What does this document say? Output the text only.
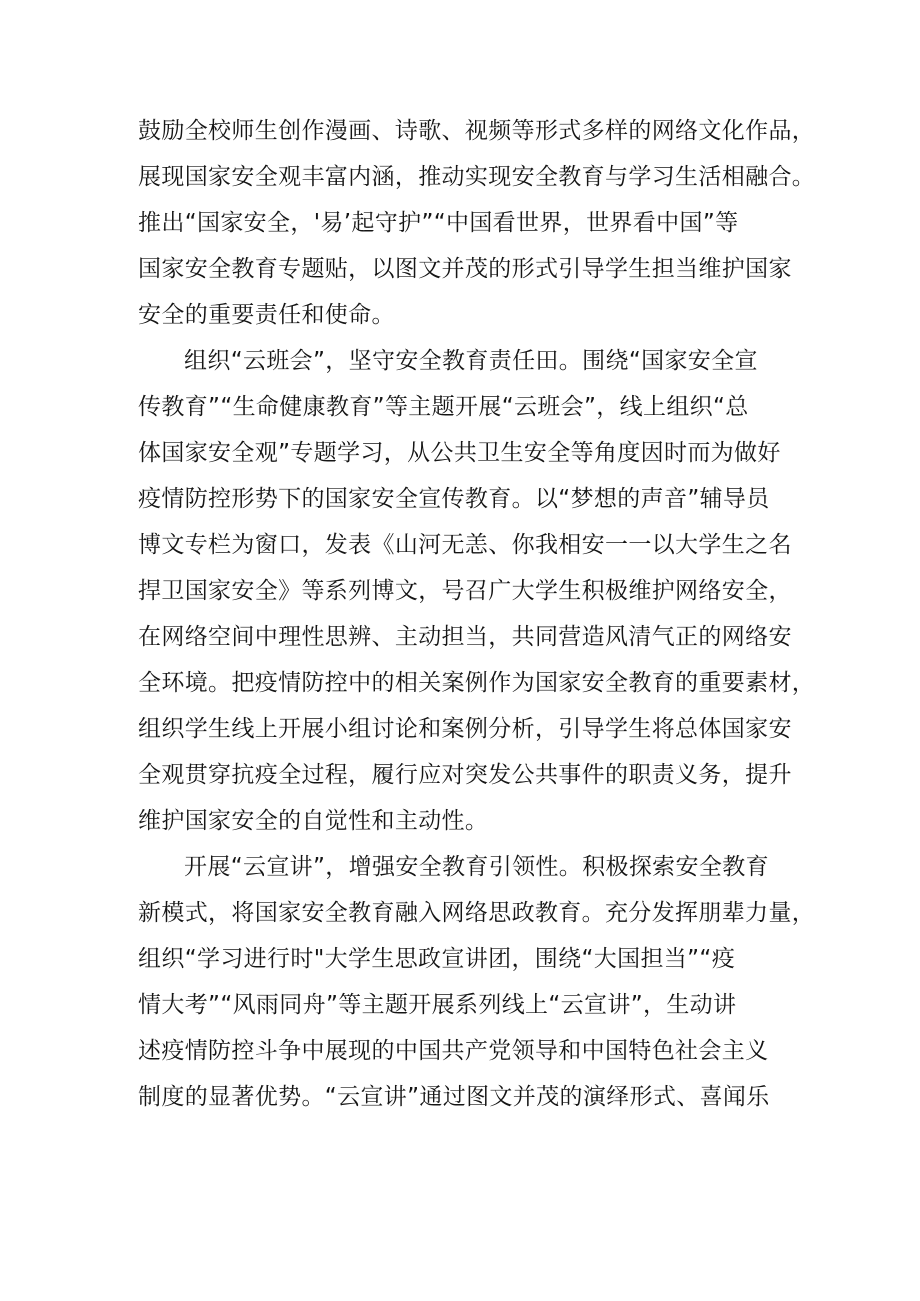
鼓励全校师生创作漫画、诗歌、视频等形式多样的网络文化作品，
展现国家安全观丰富内涵，推动实现安全教育与学习生活相融合。
推出“国家安全，'易’起守护”“中国看世界，世界看中国”等
国家安全教育专题贴，以图文并茂的形式引导学生担当维护国家
安全的重要责任和使命。
组织“云班会”，坚守安全教育责任田。围绕“国家安全宣
传教育”“生命健康教育”等主题开展“云班会”，线上组织“总
体国家安全观”专题学习，从公共卫生安全等角度因时而为做好
疫情防控形势下的国家安全宣传教育。以“梦想的声音”辅导员
博文专栏为窗口，发表《山河无恙、你我相安一一以大学生之名
捍卫国家安全》等系列博文，号召广大学生积极维护网络安全，
在网络空间中理性思辨、主动担当，共同营造风清气正的网络安
全环境。把疫情防控中的相关案例作为国家安全教育的重要素材，
组织学生线上开展小组讨论和案例分析，引导学生将总体国家安
全观贯穿抗疫全过程，履行应对突发公共事件的职责义务，提升
维护国家安全的自觉性和主动性。
开展“云宣讲”，增强安全教育引领性。积极探索安全教育
新模式，将国家安全教育融入网络思政教育。充分发挥朋辈力量，
组织“学习进行时"大学生思政宣讲团，围绕“大国担当”“疫
情大考”“风雨同舟”等主题开展系列线上“云宣讲”，生动讲
述疫情防控斗争中展现的中国共产党领导和中国特色社会主义
制度的显著优势。“云宣讲”通过图文并茂的演绎形式、喜闻乐
